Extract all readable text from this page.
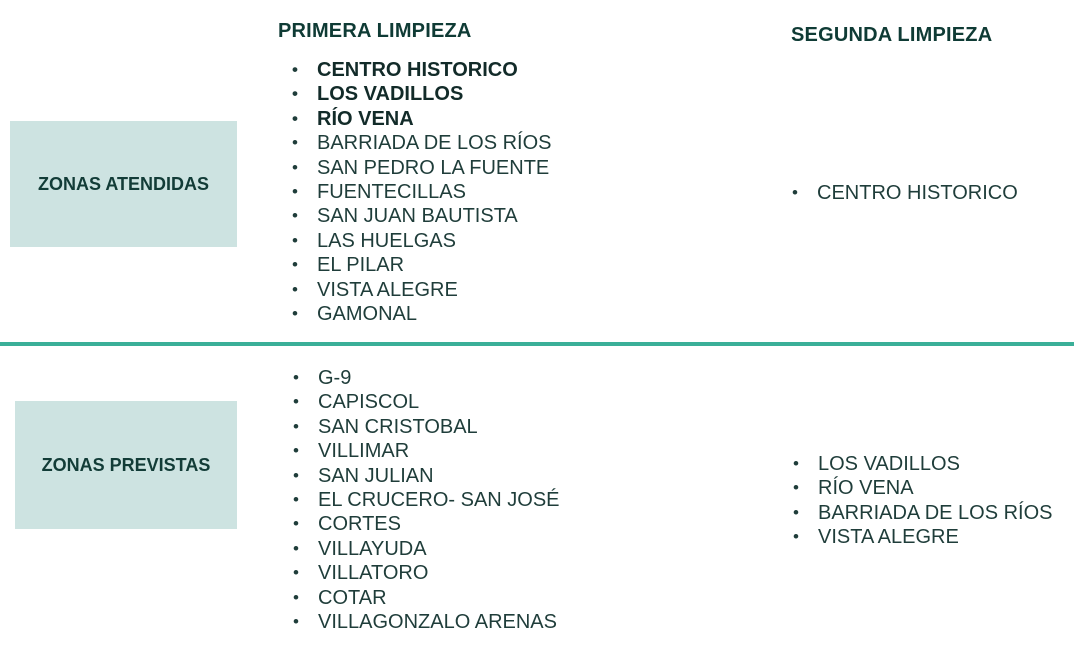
PRIMERA LIMPIEZA	SEGUNDA LIMPIEZA
ZONAS ATENDIDAS
• CENTRO HISTORICO
• LOS VADILLOS
• RÍO VENA
• BARRIADA DE LOS RÍOS
• SAN PEDRO LA FUENTE
• FUENTECILLAS
• SAN JUAN BAUTISTA
• LAS HUELGAS
• EL PILAR
• VISTA ALEGRE
• GAMONAL
• CENTRO HISTORICO
ZONAS PREVISTAS
• G-9
• CAPISCOL
• SAN CRISTOBAL
• VILLIMAR
• SAN JULIAN
• EL CRUCERO- SAN JOSÉ
• CORTES
• VILLAYUDA
• VILLATORO
• COTAR
• VILLAGONZALO ARENAS
• LOS VADILLOS
• RÍO VENA
• BARRIADA DE LOS RÍOS
• VISTA ALEGRE
